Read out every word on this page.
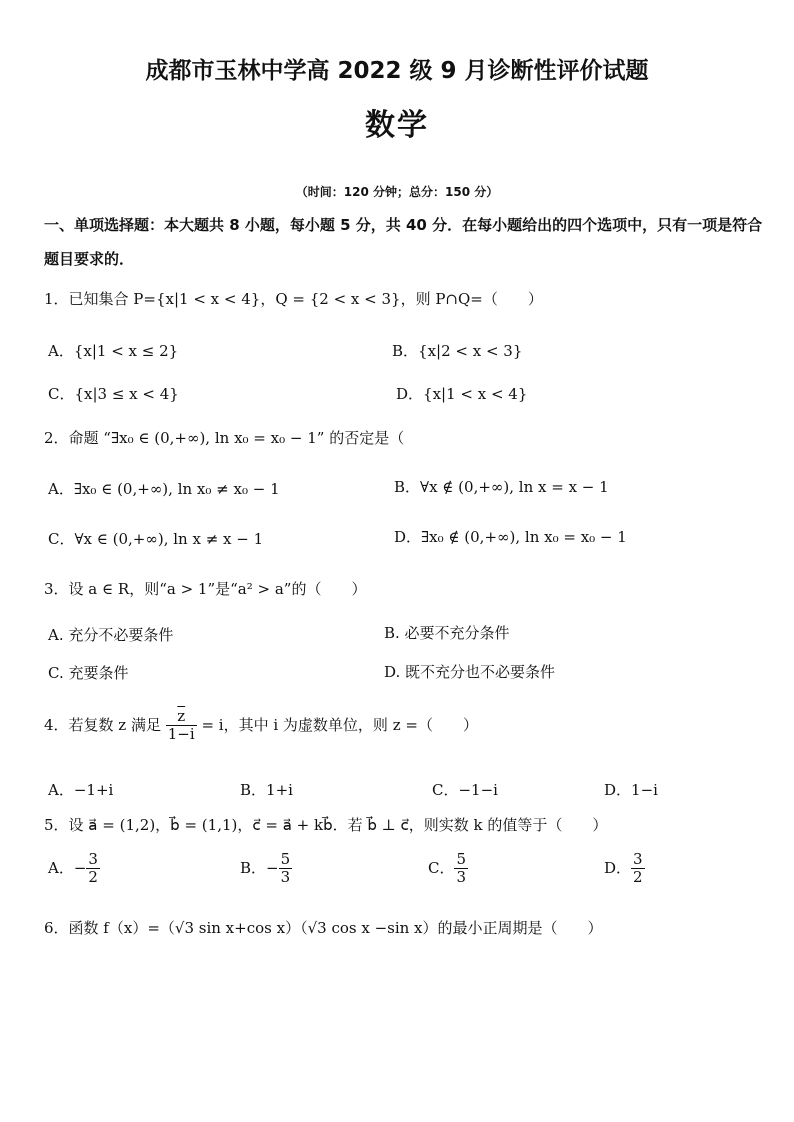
成都市玉林中学高 2022 级 9 月诊断性评价试题
数学
（时间：120 分钟；总分：150 分）
一、单项选择题：本大题共 8 小题，每小题 5 分，共 40 分．在每小题给出的四个选项中，只有一项是符合题目要求的．
1．已知集合 P={x|1 < x < 4}，Q = {2 < x < 3}，则 P∩Q=（　　）
A．{x|1 < x ≤ 2}	B．{x|2 < x < 3}
C．{x|3 ≤ x < 4}	D．{x|1 < x < 4}
2．命题 “∃x₀ ∈ (0,+∞), ln x₀ = x₀ − 1” 的否定是（
A．∃x₀ ∈ (0,+∞), ln x₀ ≠ x₀ − 1	B．∀x ∉ (0,+∞), ln x = x − 1
C．∀x ∈ (0,+∞), ln x ≠ x − 1	D．∃x₀ ∉ (0,+∞), ln x₀ = x₀ − 1
3．设 a ∈ R，则“a > 1”是“a² > a”的（　　）
A. 充分不必要条件	B. 必要不充分条件
C. 充要条件	D. 既不充分也不必要条件
4．若复数 z 满足 $\frac{\overline{z}}{1-i} = i$，其中 i 为虚数单位，则 z =（　　）
A．−1+i	B．1+i	C．−1−i	D．1−i
5．设 a⃗ = (1,2)，b⃗ = (1,1)，c⃗ = a⃗ + kb⃗．若 b⃗ ⊥ c⃗，则实数 k 的值等于（　　）
A．− $\frac{3}{2}$	B．− $\frac{5}{3}$	C． $\frac{5}{3}$	D． $\frac{3}{2}$
6．函数 f（x）=（√3 sin x+cos x）（√3 cos x −sin x）的最小正周期是（　　）
